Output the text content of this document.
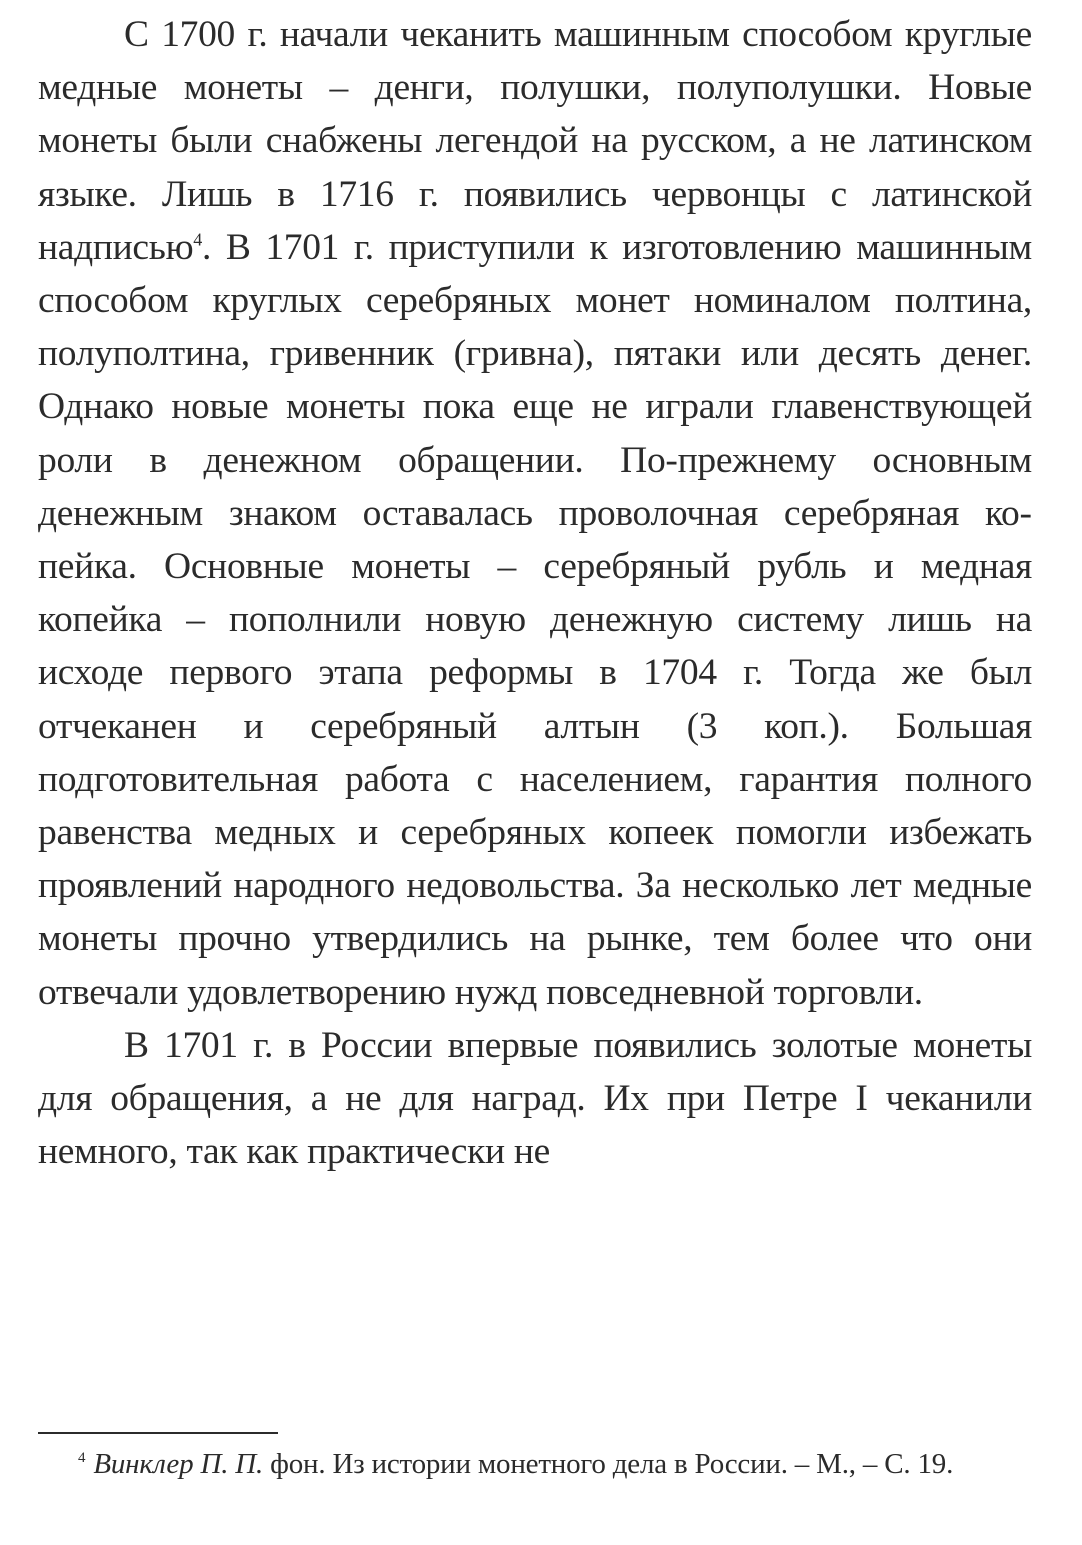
С 1700 г. начали чеканить машинным способом круглые медные монеты – денги, полушки, полуполушки. Новые монеты были снабжены легендой на русском, а не латинском языке. Лишь в 1716 г. появились червонцы с латинской надписью$^4$. В 1701 г. приступили к изготовлению машинным способом круглых серебряных монет номиналом полтина, полуполтина, гривенник (гривна), пятаки или десять денег. Однако новые монеты пока еще не играли главенствующей роли в денежном обращении. По-прежнему основным денежным знаком оставалась проволочная серебряная копейка. Основные монеты – серебряный рубль и медная копейка – пополнили новую денежную систему лишь на исходе первого этапа реформы в 1704 г. Тогда же был отчеканен и серебряный алтын (3 коп.). Большая подготовительная работа с населением, гарантия полного равенства медных и серебряных копеек помогли избежать проявлений народного недовольства. За несколько лет медные монеты прочно утвердились на рынке, тем более что они отвечали удовлетворению нужд повседневной торговли.

В 1701 г. в России впервые появились золотые монеты для обращения, а не для наград. Их при Петре I чеканили немного, так как практически не

$^4$ Винклер П. П. фон. Из истории монетного дела в России. – М., – С. 19.
